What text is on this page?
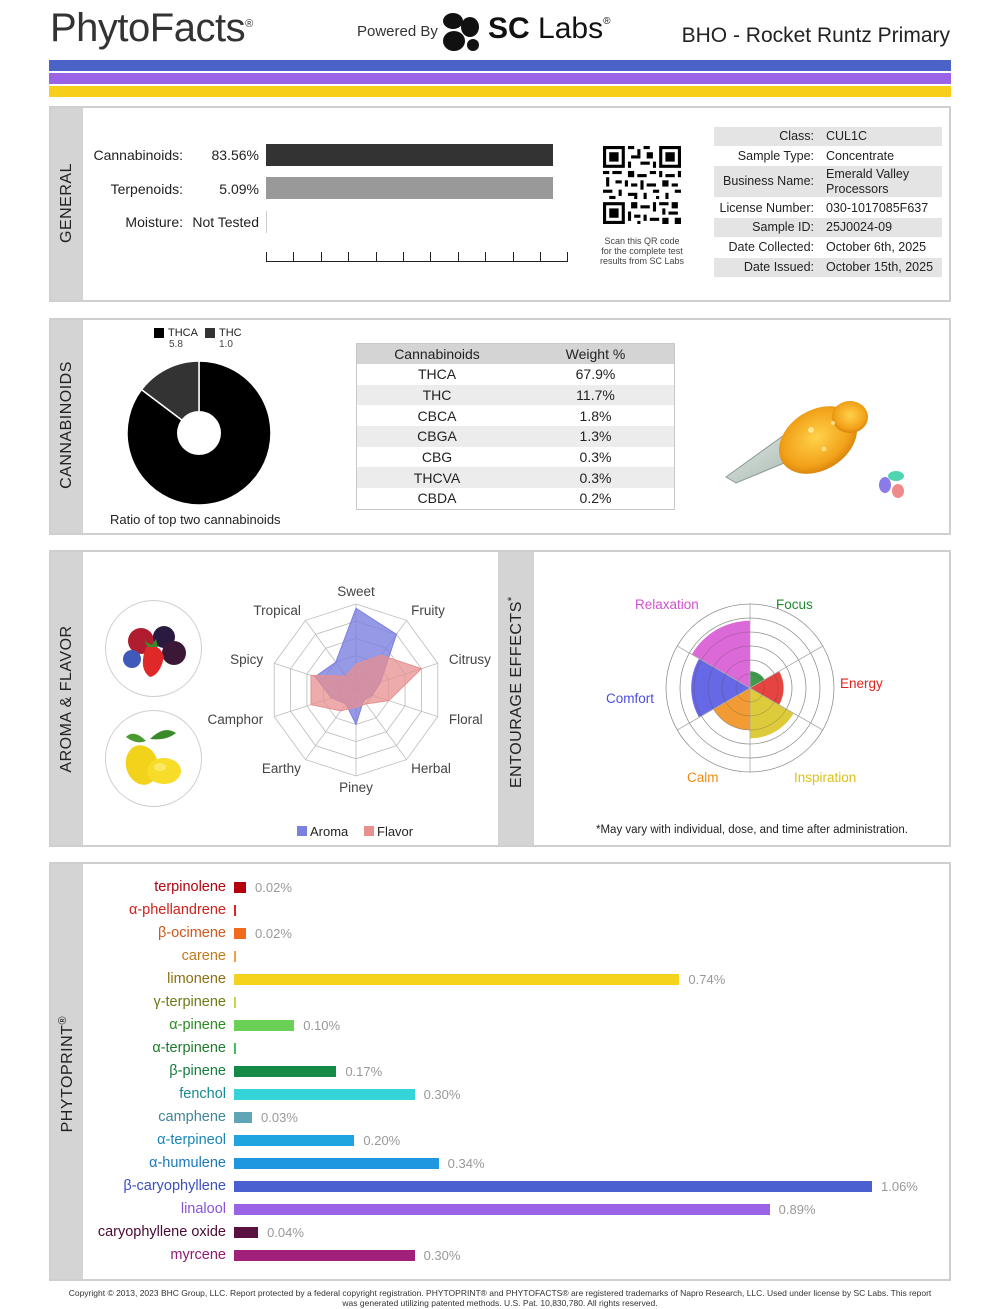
PhytoFacts®	Powered By SC Labs®
BHO - Rocket Runtz Primary
GENERAL
Cannabinoids:	83.56%
Terpenoids:	5.09%
Moisture: Not Tested
Scan this QR code
for the complete test
results from SC Labs
Class: CUL1C
Sample Type: Concentrate
Business Name: Emerald Valley Processors
License Number: 030-1017085F637
Sample ID: 25J0024-09
Date Collected: October 6th, 2025
Date Issued: October 15th, 2025
CANNABINOIDS
THCA
5.8
THC
1.0
Ratio of top two cannabinoids
Cannabinoids	Weight %
THCA	67.9%
THC	11.7%
CBCA	1.8%
CBGA	1.3%
CBG	0.3%
THCVA	0.3%
CBDA	0.2%
AROMA & FLAVOR	ENTOURAGE EFFECTS*
Sweet
Fruity
Citrusy
Floral
Herbal
Piney
Earthy
Camphor
Spicy
Tropical
Aroma Flavor
Relaxation	Focus
Energy
Inspiration
Calm
Comfort
*May vary with individual, dose, and time after administration.
PHYTOPRINT®
terpinolene 0.02%
α-phellandrene
β-ocimene 0.02%
carene
limonene	0.74%
γ-terpinene
α-pinene	0.10%
α-terpinene
β-pinene	0.17%
fenchol	0.30%
camphene	0.03%
α-terpineol	0.20%
α-humulene	0.34%
β-caryophyllene	1.06%
linalool	0.89%
caryophyllene oxide	0.04%
myrcene	0.30%
Copyright © 2013, 2023 BHC Group, LLC. Report protected by a federal copyright registration. PHYTOPRINT® and PHYTOFACTS® are registered trademarks of Napro Research, LLC. Used under license by SC Labs. This report
was generated utilizing patented methods. U.S. Pat. 10,830,780. All rights reserved.
